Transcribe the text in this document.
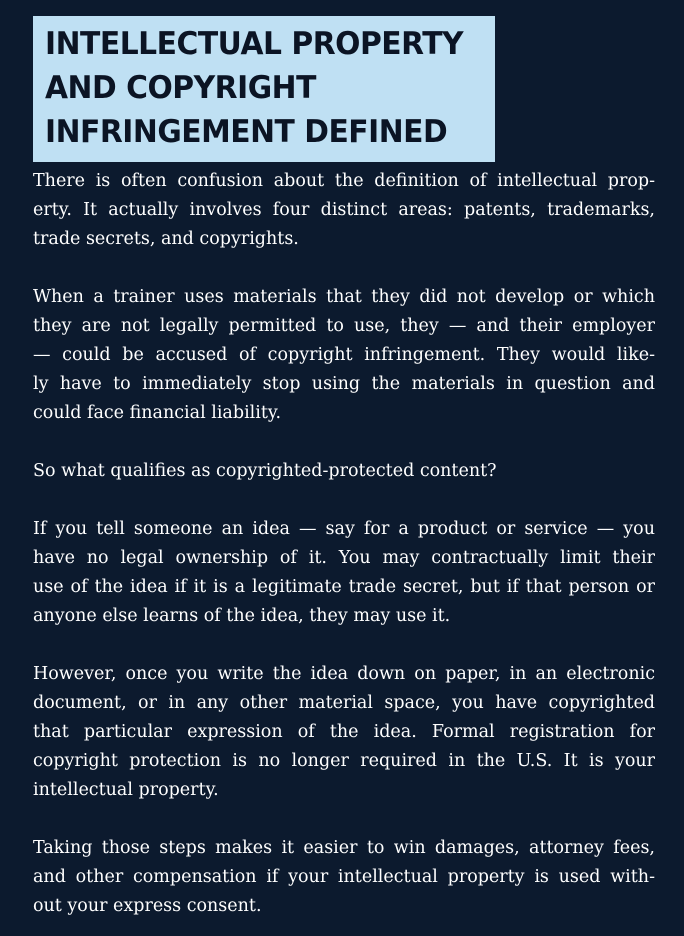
INTELLECTUAL PROPERTY
AND COPYRIGHT
INFRINGEMENT DEFINED

There is often confusion about the definition of intellectual prop-
erty. It actually involves four distinct areas: patents, trademarks,
trade secrets, and copyrights.

When a trainer uses materials that they did not develop or which
they are not legally permitted to use, they — and their employer
— could be accused of copyright infringement. They would like-
ly have to immediately stop using the materials in question and
could face financial liability.

So what qualifies as copyrighted-protected content?

If you tell someone an idea — say for a product or service — you
have no legal ownership of it. You may contractually limit their
use of the idea if it is a legitimate trade secret, but if that person or
anyone else learns of the idea, they may use it.

However, once you write the idea down on paper, in an electronic
document, or in any other material space, you have copyrighted
that particular expression of the idea. Formal registration for
copyright protection is no longer required in the U.S. It is your
intellectual property.

Taking those steps makes it easier to win damages, attorney fees,
and other compensation if your intellectual property is used with-
out your express consent.
